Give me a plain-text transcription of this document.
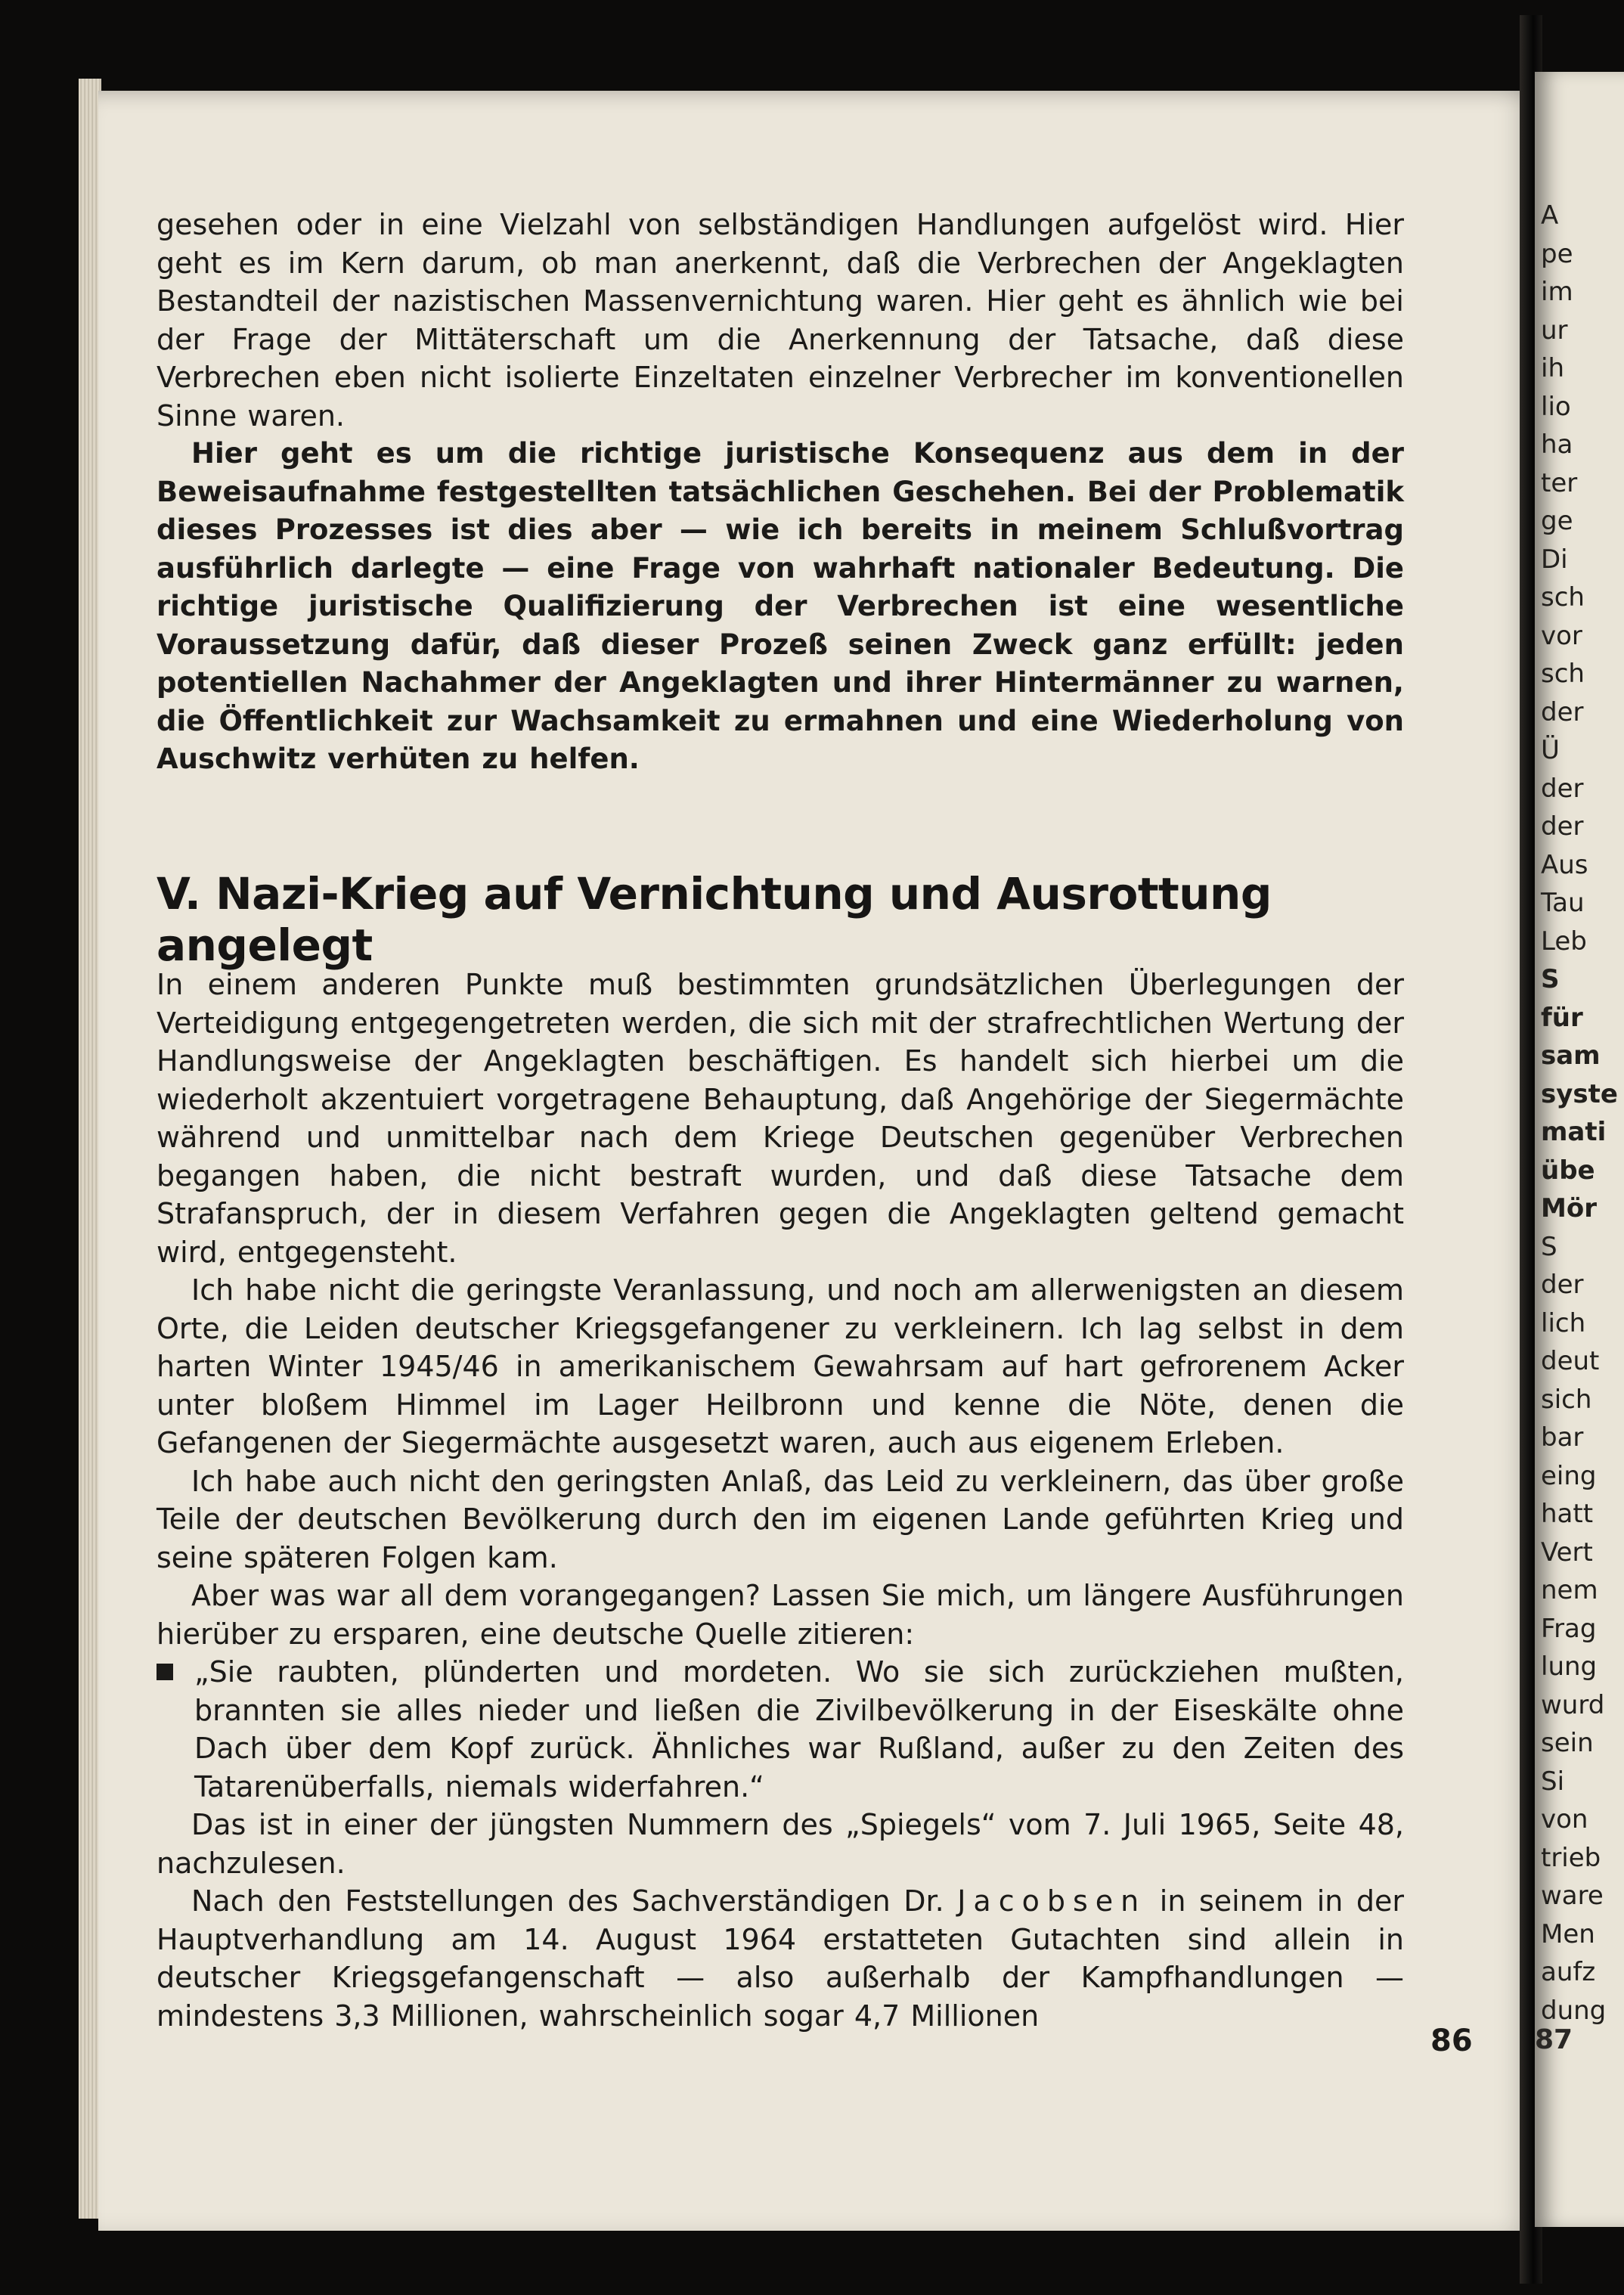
A
pe
im
ur
ih
lio
ha
ter
ge
Di
sch
vor
sch
der
Ü
der
der
Aus
Tau
Leb
S
für
sam
syste
mati
übe
Mör
S
der
lich
deut
sich
bar
eing
hatt
Vert
nem
Frag
lung
wurd
sein
Si
von
trieb
ware
Men
aufz
dung
87

gesehen oder in eine Vielzahl von selbständigen Handlungen aufgelöst wird. Hier geht es im Kern darum, ob man anerkennt, daß die Verbrechen der Angeklagten Bestandteil der nazistischen Massenvernichtung waren. Hier geht es ähnlich wie bei der Frage der Mittäterschaft um die Anerkennung der Tatsache, daß diese Verbrechen eben nicht isolierte Einzeltaten einzelner Verbrecher im konventionellen Sinne waren.

Hier geht es um die richtige juristische Konsequenz aus dem in der Beweisaufnahme festgestellten tatsächlichen Geschehen. Bei der Problematik dieses Prozesses ist dies aber — wie ich bereits in meinem Schlußvortrag ausführlich darlegte — eine Frage von wahrhaft nationaler Bedeutung. Die richtige juristische Qualifizierung der Verbrechen ist eine wesentliche Voraussetzung dafür, daß dieser Prozeß seinen Zweck ganz erfüllt: jeden potentiellen Nachahmer der Angeklagten und ihrer Hintermänner zu warnen, die Öffentlichkeit zur Wachsamkeit zu ermahnen und eine Wiederholung von Auschwitz verhüten zu helfen.

V. Nazi-Krieg auf Vernichtung und Ausrottung angelegt

In einem anderen Punkte muß bestimmten grundsätzlichen Überlegungen der Verteidigung entgegengetreten werden, die sich mit der strafrechtlichen Wertung der Handlungsweise der Angeklagten beschäftigen. Es handelt sich hierbei um die wiederholt akzentuiert vorgetragene Behauptung, daß Angehörige der Siegermächte während und unmittelbar nach dem Kriege Deutschen gegenüber Verbrechen begangen haben, die nicht bestraft wurden, und daß diese Tatsache dem Strafanspruch, der in diesem Verfahren gegen die Angeklagten geltend gemacht wird, entgegensteht.

Ich habe nicht die geringste Veranlassung, und noch am allerwenigsten an diesem Orte, die Leiden deutscher Kriegsgefangener zu verkleinern. Ich lag selbst in dem harten Winter 1945/46 in amerikanischem Gewahrsam auf hart gefrorenem Acker unter bloßem Himmel im Lager Heilbronn und kenne die Nöte, denen die Gefangenen der Siegermächte ausgesetzt waren, auch aus eigenem Erleben.

Ich habe auch nicht den geringsten Anlaß, das Leid zu verkleinern, das über große Teile der deutschen Bevölkerung durch den im eigenen Lande geführten Krieg und seine späteren Folgen kam.

Aber was war all dem vorangegangen? Lassen Sie mich, um längere Ausführungen hierüber zu ersparen, eine deutsche Quelle zitieren:

„Sie raubten, plünderten und mordeten. Wo sie sich zurückziehen mußten, brannten sie alles nieder und ließen die Zivilbevölkerung in der Eiseskälte ohne Dach über dem Kopf zurück. Ähnliches war Rußland, außer zu den Zeiten des Tatarenüberfalls, niemals widerfahren.“

Das ist in einer der jüngsten Nummern des „Spiegels“ vom 7. Juli 1965, Seite 48, nachzulesen.

Nach den Feststellungen des Sachverständigen Dr. Jacobsen in seinem in der Hauptverhandlung am 14. August 1964 erstatteten Gutachten sind allein in deutscher Kriegsgefangenschaft — also außerhalb der Kampfhandlungen — mindestens 3,3 Millionen, wahrscheinlich sogar 4,7 Millionen

86
